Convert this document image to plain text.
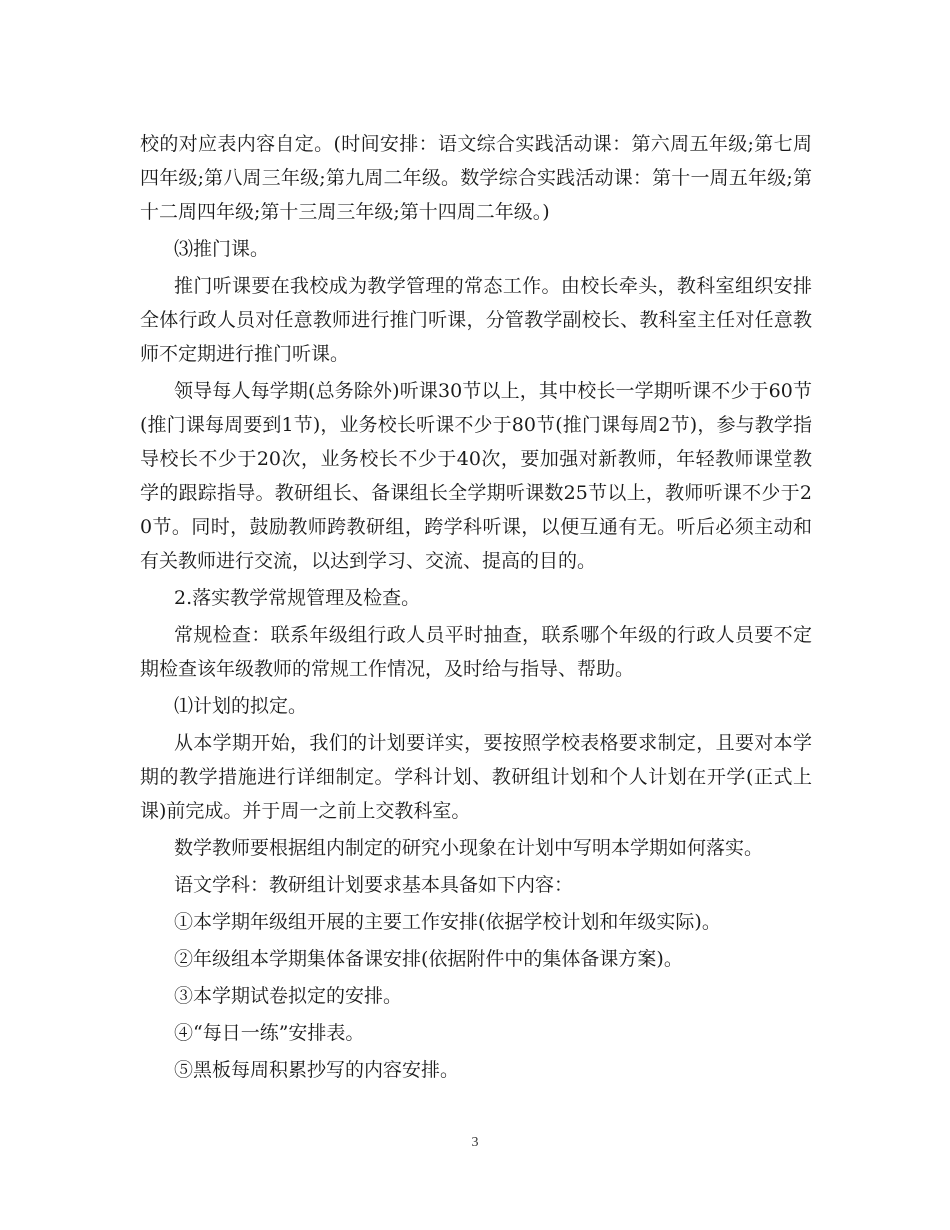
校的对应表内容自定。(时间安排：语文综合实践活动课：第六周五年级;第七周四年级;第八周三年级;第九周二年级。数学综合实践活动课：第十一周五年级;第十二周四年级;第十三周三年级;第十四周二年级。)

⑶推门课。

推门听课要在我校成为教学管理的常态工作。由校长牵头，教科室组织安排全体行政人员对任意教师进行推门听课，分管教学副校长、教科室主任对任意教师不定期进行推门听课。

领导每人每学期(总务除外)听课30节以上，其中校长一学期听课不少于60节(推门课每周要到1节)，业务校长听课不少于80节(推门课每周2节)，参与教学指导校长不少于20次，业务校长不少于40次，要加强对新教师，年轻教师课堂教学的跟踪指导。教研组长、备课组长全学期听课数25节以上，教师听课不少于20节。同时，鼓励教师跨教研组，跨学科听课，以便互通有无。听后必须主动和有关教师进行交流，以达到学习、交流、提高的目的。

2.落实教学常规管理及检查。

常规检查：联系年级组行政人员平时抽查，联系哪个年级的行政人员要不定期检查该年级教师的常规工作情况，及时给与指导、帮助。

⑴计划的拟定。

从本学期开始，我们的计划要详实，要按照学校表格要求制定，且要对本学期的教学措施进行详细制定。学科计划、教研组计划和个人计划在开学(正式上课)前完成。并于周一之前上交教科室。

数学教师要根据组内制定的研究小现象在计划中写明本学期如何落实。

语文学科：教研组计划要求基本具备如下内容：

①本学期年级组开展的主要工作安排(依据学校计划和年级实际)。

②年级组本学期集体备课安排(依据附件中的集体备课方案)。

③本学期试卷拟定的安排。

④“每日一练”安排表。

⑤黑板每周积累抄写的内容安排。

3
